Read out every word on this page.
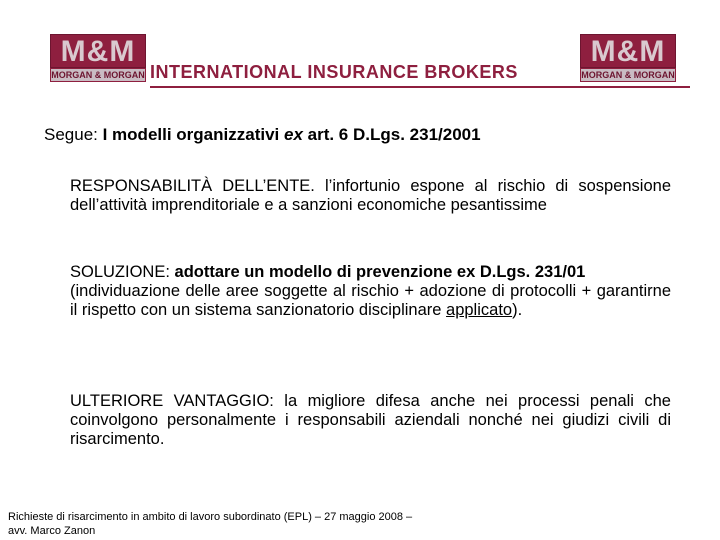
M&M
MORGAN & MORGAN INTERNATIONAL INSURANCE BROKERS
M&M
MORGAN & MORGAN
Segue: I modelli organizzativi ex art. 6 D.Lgs. 231/2001
RESPONSABILITÀ DELL’ENTE. l’infortunio espone al rischio di sospensione dell’attività imprenditoriale e a sanzioni economiche pesantissime
SOLUZIONE: adottare un modello di prevenzione ex D.Lgs. 231/01
(individuazione delle aree soggette al rischio + adozione di protocolli + garantirne il rispetto con un sistema sanzionatorio disciplinare applicato).
ULTERIORE VANTAGGIO: la migliore difesa anche nei processi penali che coinvolgono personalmente i responsabili aziendali nonché nei giudizi civili di risarcimento.
Richieste di risarcimento in ambito di lavoro subordinato (EPL) – 27 maggio 2008 –
avv. Marco Zanon
